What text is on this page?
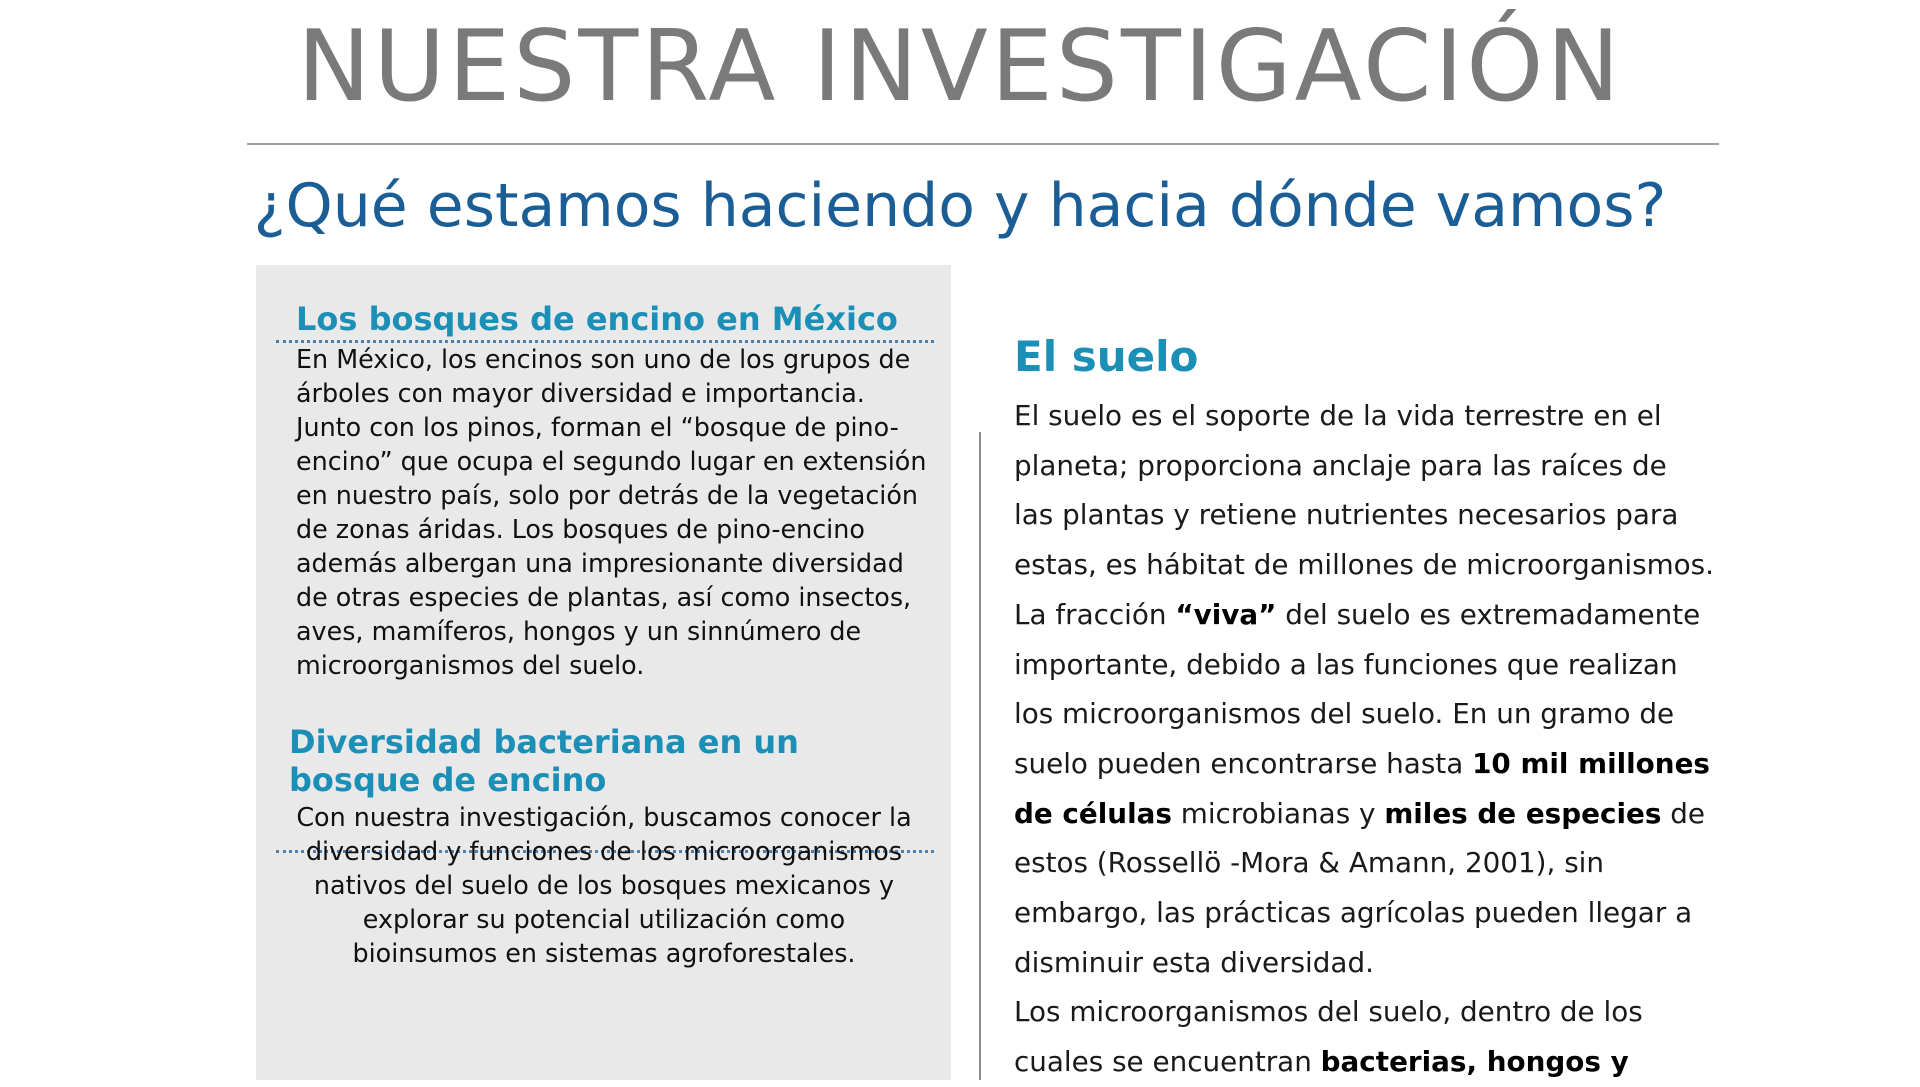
NUESTRA INVESTIGACIÓN
¿Qué estamos haciendo y hacia dónde vamos?
Los bosques de encino en México

En México, los encinos son uno de los grupos de árboles con mayor diversidad e importancia. Junto con los pinos, forman el “bosque de pino-encino” que ocupa el segundo lugar en extensión en nuestro país, solo por detrás de la vegetación de zonas áridas. Los bosques de pino-encino además albergan una impresionante diversidad de otras especies de plantas, así como insectos, aves, mamíferos, hongos y un sinnúmero de microorganismos del suelo.

Diversidad bacteriana en un bosque de encino

Con nuestra investigación, buscamos conocer la diversidad y funciones de los microorganismos nativos del suelo de los bosques mexicanos y explorar su potencial utilización como bioinsumos en sistemas agroforestales.

El suelo

El suelo es el soporte de la vida terrestre en el planeta; proporciona anclaje para las raíces de las plantas y retiene nutrientes necesarios para estas, es hábitat de millones de microorganismos. La fracción “viva” del suelo es extremadamente importante, debido a las funciones que realizan los microorganismos del suelo. En un gramo de suelo pueden encontrarse hasta 10 mil millones de células microbianas y miles de especies de estos (Rossellö -Mora & Amann, 2001), sin embargo, las prácticas agrícolas pueden llegar a disminuir esta diversidad.
Los microorganismos del suelo, dentro de los cuales se encuentran bacterias, hongos y
